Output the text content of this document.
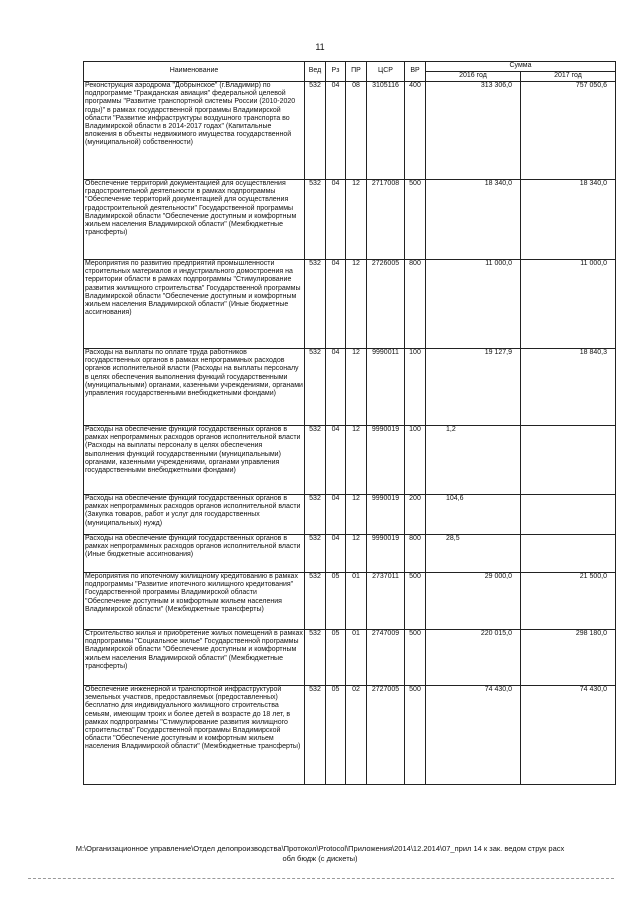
11
Наименование	Вед	Рз	ПР	ЦСР	ВР	Сумма	
						2016 год	2017 год
Реконструкция аэродрома "Добрынское" (г.Владимир) по подпрограмме "Гражданская авиация" федеральной целевой программы "Развитие транспортной системы России (2010-2020 годы)" в рамках государственной программы Владимирской области "Развитие инфраструктуры воздушного транспорта во Владимирской области в 2014-2017 годах" (Капитальные вложения в объекты недвижимого имущества государственной (муниципальной) собственности)	532	04	08	3105116	400	313 306,0	757 050,6
Обеспечение территорий документацией для осуществления градостроительной деятельности в рамках подпрограммы "Обеспечение территорий документацией для осуществления градостроительной деятельности" Государственной программы Владимирской области "Обеспечение доступным и комфортным жильем населения Владимирской области" (Межбюджетные трансферты)	532	04	12	2717008	500	18 340,0	18 340,0
Мероприятия по развитию предприятий промышленности строительных материалов и индустриального домостроения на территории области в рамках подпрограммы "Стимулирование развития жилищного строительства" Государственной программы Владимирской области "Обеспечение доступным и комфортным жильем населения Владимирской области" (Иные бюджетные ассигнования)	532	04	12	2726005	800	11 000,0	11 000,0
Расходы на выплаты по оплате труда работников государственных органов в рамках непрограммных расходов органов исполнительной власти (Расходы на выплаты персоналу в целях обеспечения выполнения функций государственными (муниципальными) органами, казенными учреждениями, органами управления государственными внебюджетными фондами)	532	04	12	9990011	100	19 127,9	18 840,3
Расходы на обеспечение функций государственных органов в рамках непрограммных расходов органов исполнительной власти (Расходы на выплаты персоналу в целях обеспечения выполнения функций государственными (муниципальными) органами, казенными учреждениями, органами управления государственными внебюджетными фондами)	532	04	12	9990019	100	1,2	
Расходы на обеспечение функций государственных органов в рамках непрограммных расходов органов исполнительной власти (Закупка товаров, работ и услуг для государственных (муниципальных) нужд)	532	04	12	9990019	200	104,6	
Расходы на обеспечение функций государственных органов в рамках непрограммных расходов органов исполнительной власти (Иные бюджетные ассигнования)	532	04	12	9990019	800	28,5	
Мероприятия по ипотечному жилищному кредитованию в рамках подпрограммы "Развитие ипотечного жилищного кредитования" Государственной программы Владимирской области "Обеспечение доступным и комфортным жильем населения Владимирской области" (Межбюджетные трансферты)	532	05	01	2737011	500	29 000,0	21 500,0
Строительство жилья и приобретение жилых помещений в рамках подпрограммы "Социальное жилье" Государственной программы Владимирской области "Обеспечение доступным и комфортным жильем населения Владимирской области" (Межбюджетные трансферты)	532	05	01	2747009	500	220 015,0	298 180,0
Обеспечение инженерной и транспортной инфраструктурой земельных участков, предоставляемых (предоставленных) бесплатно для индивидуального жилищного строительства семьям, имеющим троих и более детей в возрасте до 18 лет, в рамках подпрограммы "Стимулирование развития жилищного строительства" Государственной программы Владимирской области "Обеспечение доступным и комфортным жильем населения Владимирской области" (Межбюджетные трансферты)	532	05	02	2727005	500	74 430,0	74 430,0
M:\Организационное управление\Отдел делопроизводства\Протокол\Protocol\Приложения\2014\12.2014\07_прил 14 к зак. ведом струк расх
обл бюдж (с дискеты)
